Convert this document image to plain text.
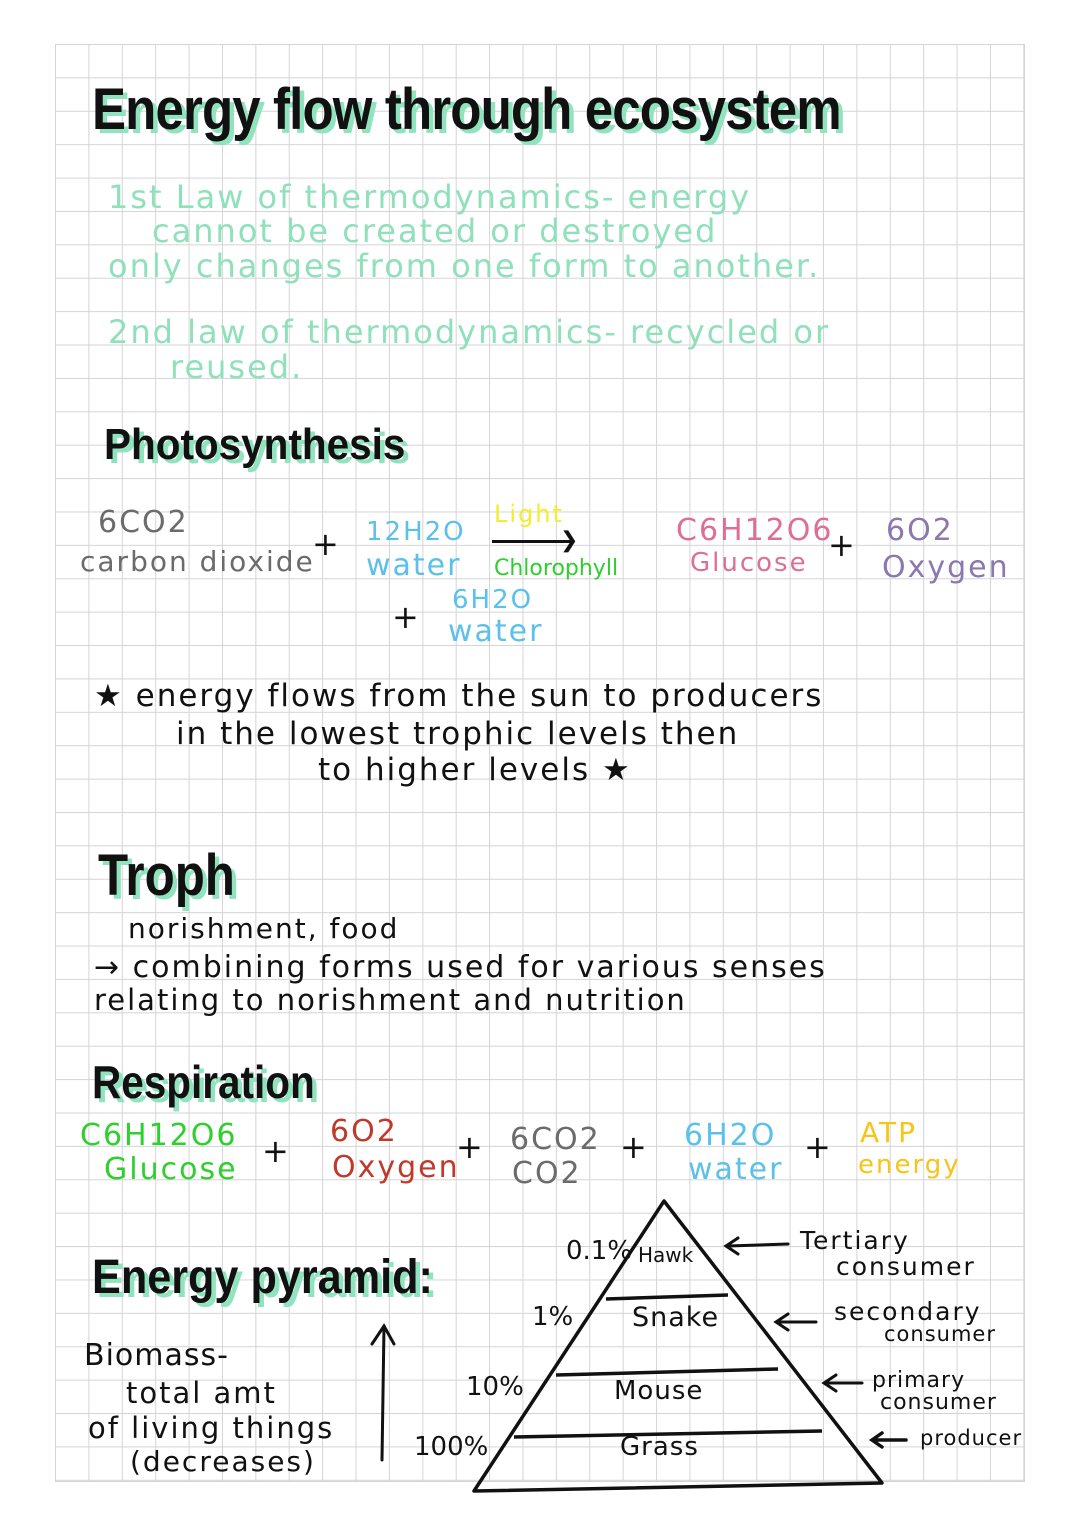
Energy flow through ecosystem
1st Law of thermodynamics- energy
cannot be created or destroyed
only changes from one form to another.
2nd law of thermodynamics- recycled or
reused.
Photosynthesis
6CO2
carbon dioxide
+ 12H2O
water
Light
❯
Chlorophyll
C6H12O6
Glucose + 6O2
Oxygen
+ 6H2O
water
★ energy flows from the sun to producers
in the lowest trophic levels then
to higher levels ★
Troph
norishment, food
→ combining forms used for various senses
relating to norishment and nutrition
Respiration
C6H12O6
Glucose +
6O2
Oxygen
+ 6CO2
CO2
+ 6H2O
water
+ ATP
energy
Energy pyramid:
Biomass-
total amt
of living things
(decreases)
0.1%
1%
10%
100%
Hawk
Snake
Mouse
Grass
Tertiary
consumer
secondary
consumer
primary
consumer
producer
